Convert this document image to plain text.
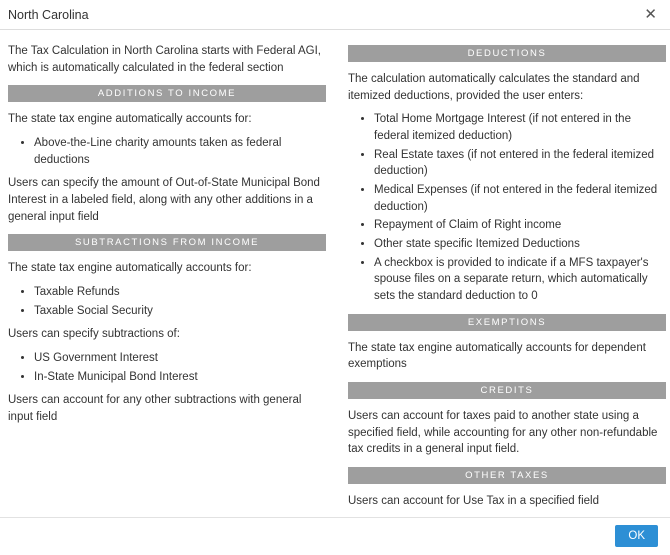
North Carolina	✕

The Tax Calculation in North Carolina starts with Federal AGI, which is automatically calculated in the federal section

ADDITIONS TO INCOME

The state tax engine automatically accounts for:

• Above-the-Line charity amounts taken as federal deductions

Users can specify the amount of Out-of-State Municipal Bond Interest in a labeled field, along with any other additions in a general input field

SUBTRACTIONS FROM INCOME

The state tax engine automatically accounts for:

• Taxable Refunds
• Taxable Social Security

Users can specify subtractions of:

• US Government Interest
• In-State Municipal Bond Interest

Users can account for any other subtractions with general input field

DEDUCTIONS

The calculation automatically calculates the standard and itemized deductions, provided the user enters:

• Total Home Mortgage Interest (if not entered in the federal itemized deduction)
• Real Estate taxes (if not entered in the federal itemized deduction)
• Medical Expenses (if not entered in the federal itemized deduction)
• Repayment of Claim of Right income
• Other state specific Itemized Deductions
• A checkbox is provided to indicate if a MFS taxpayer's spouse files on a separate return, which automatically sets the standard deduction to 0
EXEMPTIONS

The state tax engine automatically accounts for dependent exemptions

CREDITS

Users can account for taxes paid to another state using a specified field, while accounting for any other non-refundable tax credits in a general input field.

OTHER TAXES

Users can account for Use Tax in a specified field

OK
